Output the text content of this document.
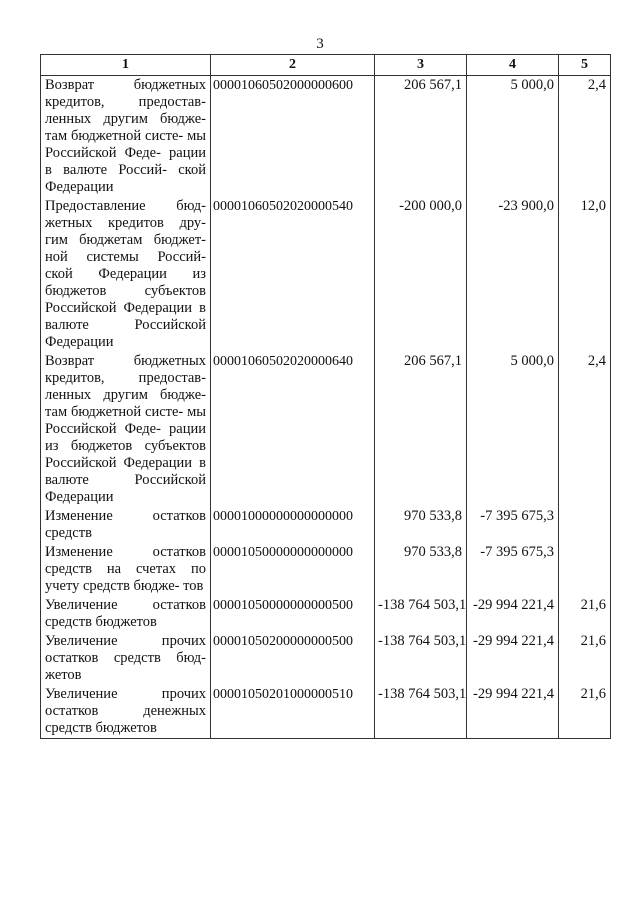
3
1	2	3	4	5
Возврат бюджетных кредитов, предостав- ленных другим бюдже- там бюджетной систе- мы Российской Феде- рации в валюте Россий- ской Федерации	00001060502000000600	206 567,1	5 000,0	2,4
Предоставление бюд- жетных кредитов дру- гим бюджетам бюджет- ной системы Россий- ской Федерации из бюджетов субъектов Российской Федерации в валюте Российской Федерации	00001060502020000540	-200 000,0	-23 900,0	12,0
Возврат бюджетных кредитов, предостав- ленных другим бюдже- там бюджетной систе- мы Российской Феде- рации из бюджетов субъектов Российской Федерации в валюте Российской Федерации	00001060502020000640	206 567,1	5 000,0	2,4
Изменение остатков средств	00001000000000000000	970 533,8	-7 395 675,3	
Изменение остатков средств на счетах по учету средств бюдже- тов	00001050000000000000	970 533,8	-7 395 675,3	
Увеличение остатков средств бюджетов	00001050000000000500	-138 764 503,1	-29 994 221,4	21,6
Увеличение прочих остатков средств бюд- жетов	00001050200000000500	-138 764 503,1	-29 994 221,4	21,6
Увеличение прочих остатков денежных средств бюджетов	00001050201000000510	-138 764 503,1	-29 994 221,4	21,6
